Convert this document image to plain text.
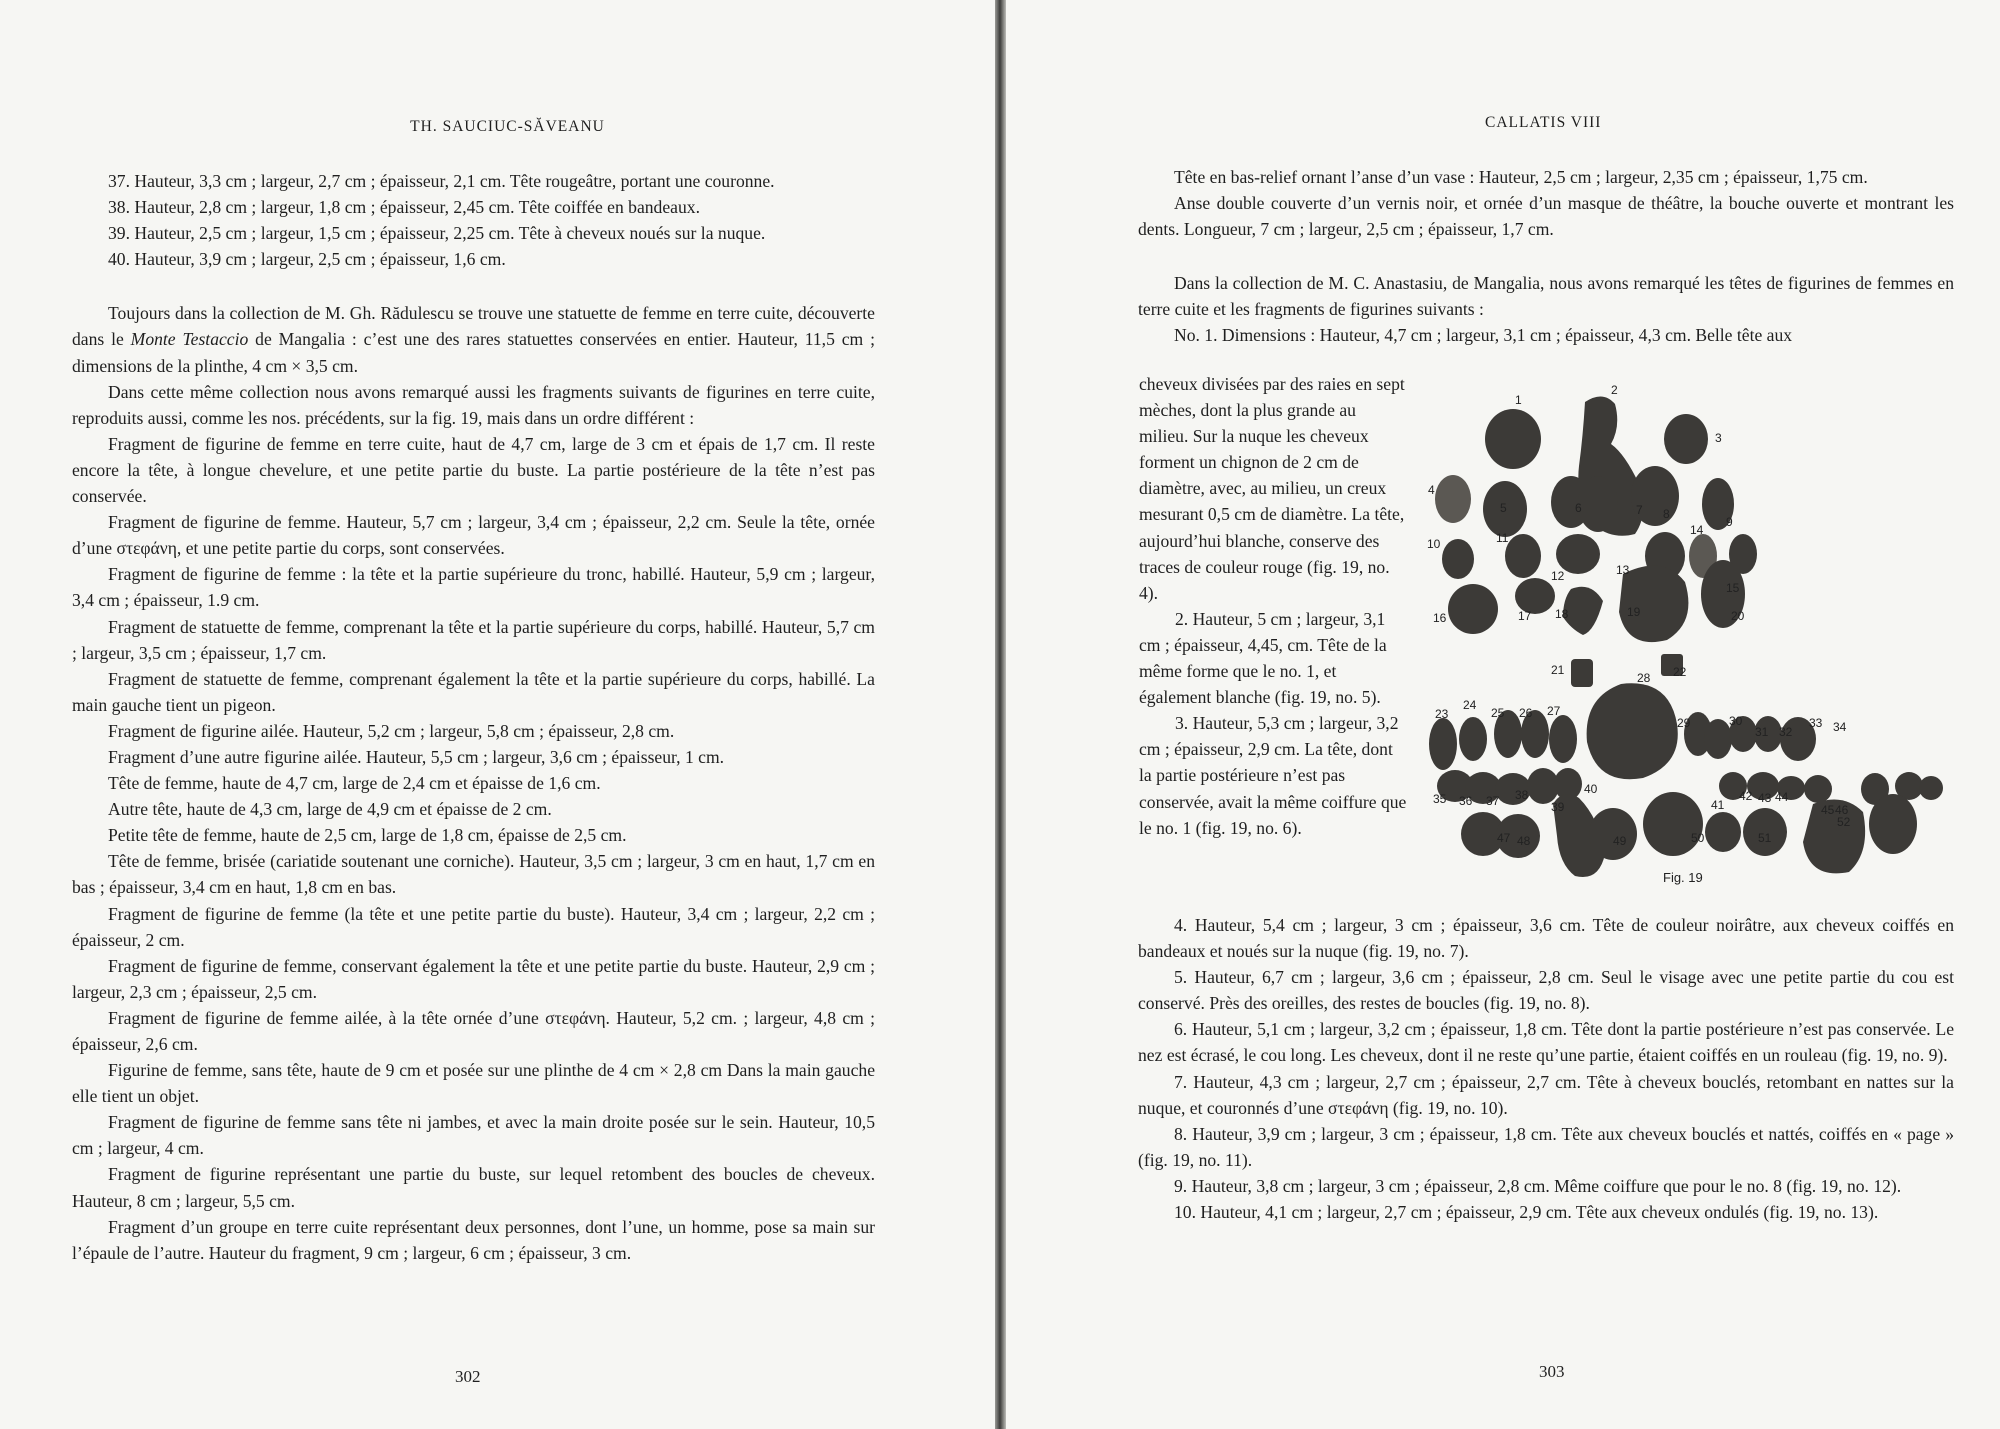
TH. SAUCIUC-SĂVEANU

37. Hauteur, 3,3 cm ; largeur, 2,7 cm ; épaisseur, 2,1 cm. Tête rougeâtre, portant une couronne.

38. Hauteur, 2,8 cm ; largeur, 1,8 cm ; épaisseur, 2,45 cm. Tête coiffée en bandeaux.

39. Hauteur, 2,5 cm ; largeur, 1,5 cm ; épaisseur, 2,25 cm. Tête à cheveux noués sur la nuque.

40. Hauteur, 3,9 cm ; largeur, 2,5 cm ; épaisseur, 1,6 cm.

Toujours dans la collection de M. Gh. Rădulescu se trouve une statuette de femme en terre cuite, découverte dans le Monte Testaccio de Mangalia : c’est une des rares statuettes conservées en entier. Hauteur, 11,5 cm ; dimensions de la plinthe, 4 cm × 3,5 cm.

Dans cette même collection nous avons remarqué aussi les fragments suivants de figurines en terre cuite, reproduits aussi, comme les nos. précédents, sur la fig. 19, mais dans un ordre différent :

Fragment de figurine de femme en terre cuite, haut de 4,7 cm, large de 3 cm et épais de 1,7 cm. Il reste encore la tête, à longue chevelure, et une petite partie du buste. La partie postérieure de la tête n’est pas conservée.

Fragment de figurine de femme. Hauteur, 5,7 cm ; largeur, 3,4 cm ; épaisseur, 2,2 cm. Seule la tête, ornée d’une στεφάνη, et une petite partie du corps, sont conservées.

Fragment de figurine de femme : la tête et la partie supérieure du tronc, habillé. Hauteur, 5,9 cm ; largeur, 3,4 cm ; épaisseur, 1.9 cm.

Fragment de statuette de femme, comprenant la tête et la partie supérieure du corps, habillé. Hauteur, 5,7 cm ; largeur, 3,5 cm ; épaisseur, 1,7 cm.

Fragment de statuette de femme, comprenant également la tête et la partie supérieure du corps, habillé. La main gauche tient un pigeon.

Fragment de figurine ailée. Hauteur, 5,2 cm ; largeur, 5,8 cm ; épaisseur, 2,8 cm.

Fragment d’une autre figurine ailée. Hauteur, 5,5 cm ; largeur, 3,6 cm ; épaisseur, 1 cm.

Tête de femme, haute de 4,7 cm, large de 2,4 cm et épaisse de 1,6 cm.

Autre tête, haute de 4,3 cm, large de 4,9 cm et épaisse de 2 cm.

Petite tête de femme, haute de 2,5 cm, large de 1,8 cm, épaisse de 2,5 cm.

Tête de femme, brisée (cariatide soutenant une corniche). Hauteur, 3,5 cm ; largeur, 3 cm en haut, 1,7 cm en bas ; épaisseur, 3,4 cm en haut, 1,8 cm en bas.

Fragment de figurine de femme (la tête et une petite partie du buste). Hauteur, 3,4 cm ; largeur, 2,2 cm ; épaisseur, 2 cm.

Fragment de figurine de femme, conservant également la tête et une petite partie du buste. Hauteur, 2,9 cm ; largeur, 2,3 cm ; épaisseur, 2,5 cm.

Fragment de figurine de femme ailée, à la tête ornée d’une στεφάνη. Hauteur, 5,2 cm. ; largeur, 4,8 cm ; épaisseur, 2,6 cm.

Figurine de femme, sans tête, haute de 9 cm et posée sur une plinthe de 4 cm × 2,8 cm Dans la main gauche elle tient un objet.

Fragment de figurine de femme sans tête ni jambes, et avec la main droite posée sur le sein. Hauteur, 10,5 cm ; largeur, 4 cm.

Fragment de figurine représentant une partie du buste, sur lequel retombent des boucles de cheveux. Hauteur, 8 cm ; largeur, 5,5 cm.

Fragment d’un groupe en terre cuite représentant deux personnes, dont l’une, un homme, pose sa main sur l’épaule de l’autre. Hauteur du fragment, 9 cm ; largeur, 6 cm ; épaisseur, 3 cm.

302
CALLATIS VIII

Tête en bas-relief ornant l’anse d’un vase : Hauteur, 2,5 cm ; largeur, 2,35 cm ; épaisseur, 1,75 cm.

Anse double couverte d’un vernis noir, et ornée d’un masque de théâtre, la bouche ouverte et montrant les dents. Longueur, 7 cm ; largeur, 2,5 cm ; épaisseur, 1,7 cm.

Dans la collection de M. C. Anastasiu, de Mangalia, nous avons remarqué les têtes de figurines de femmes en terre cuite et les fragments de figurines suivants :

No. 1. Dimensions : Hauteur, 4,7 cm ; largeur, 3,1 cm ; épaisseur, 4,3 cm. Belle tête aux

cheveux divisées par des raies en sept mèches, dont la plus grande au milieu. Sur la nuque les cheveux forment un chignon de 2 cm de diamètre, avec, au milieu, un creux mesurant 0,5 cm de diamètre. La tête, aujourd’hui blanche, conserve des traces de couleur rouge (fig. 19, no. 4).

2. Hauteur, 5 cm ; largeur, 3,1 cm ; épaisseur, 4,45, cm. Tête de la même forme que le no. 1, et également blanche (fig. 19, no. 5).

3. Hauteur, 5,3 cm ; largeur, 3,2 cm ; épaisseur, 2,9 cm. La tête, dont la partie postérieure n’est pas conservée, avait la même coiffure que le no. 1 (fig. 19, no. 6).

4. Hauteur, 5,4 cm ; largeur, 3 cm ; épaisseur, 3,6 cm. Tête de couleur noirâtre, aux cheveux coiffés en bandeaux et noués sur la nuque (fig. 19, no. 7).

5. Hauteur, 6,7 cm ; largeur, 3,6 cm ; épaisseur, 2,8 cm. Seul le visage avec une petite partie du cou est conservé. Près des oreilles, des restes de boucles (fig. 19, no. 8).

6. Hauteur, 5,1 cm ; largeur, 3,2 cm ; épaisseur, 1,8 cm. Tête dont la partie postérieure n’est pas conservée. Le nez est écrasé, le cou long. Les cheveux, dont il ne reste qu’une partie, étaient coiffés en un rouleau (fig. 19, no. 9).

7. Hauteur, 4,3 cm ; largeur, 2,7 cm ; épaisseur, 2,7 cm. Tête à cheveux bouclés, retombant en nattes sur la nuque, et couronnés d’une στεφάνη (fig. 19, no. 10).

8. Hauteur, 3,9 cm ; largeur, 3 cm ; épaisseur, 1,8 cm. Tête aux cheveux bouclés et nattés, coiffés en « page » (fig. 19, no. 11).

9. Hauteur, 3,8 cm ; largeur, 3 cm ; épaisseur, 2,8 cm. Même coiffure que pour le no. 8 (fig. 19, no. 12).

10. Hauteur, 4,1 cm ; largeur, 2,7 cm ; épaisseur, 2,9 cm. Tête aux cheveux ondulés (fig. 19, no. 13).

303
1
2
3
4
5	6	7 8
9
10	11
12	13
14
15
16	17 18	19	20
21	22
23
24
25 26 27
28
29	30
31 32
33 34
35 36 37 38
39
40
41
42 43 44
45 46
47 48	49	50	51
52
Fig. 19
